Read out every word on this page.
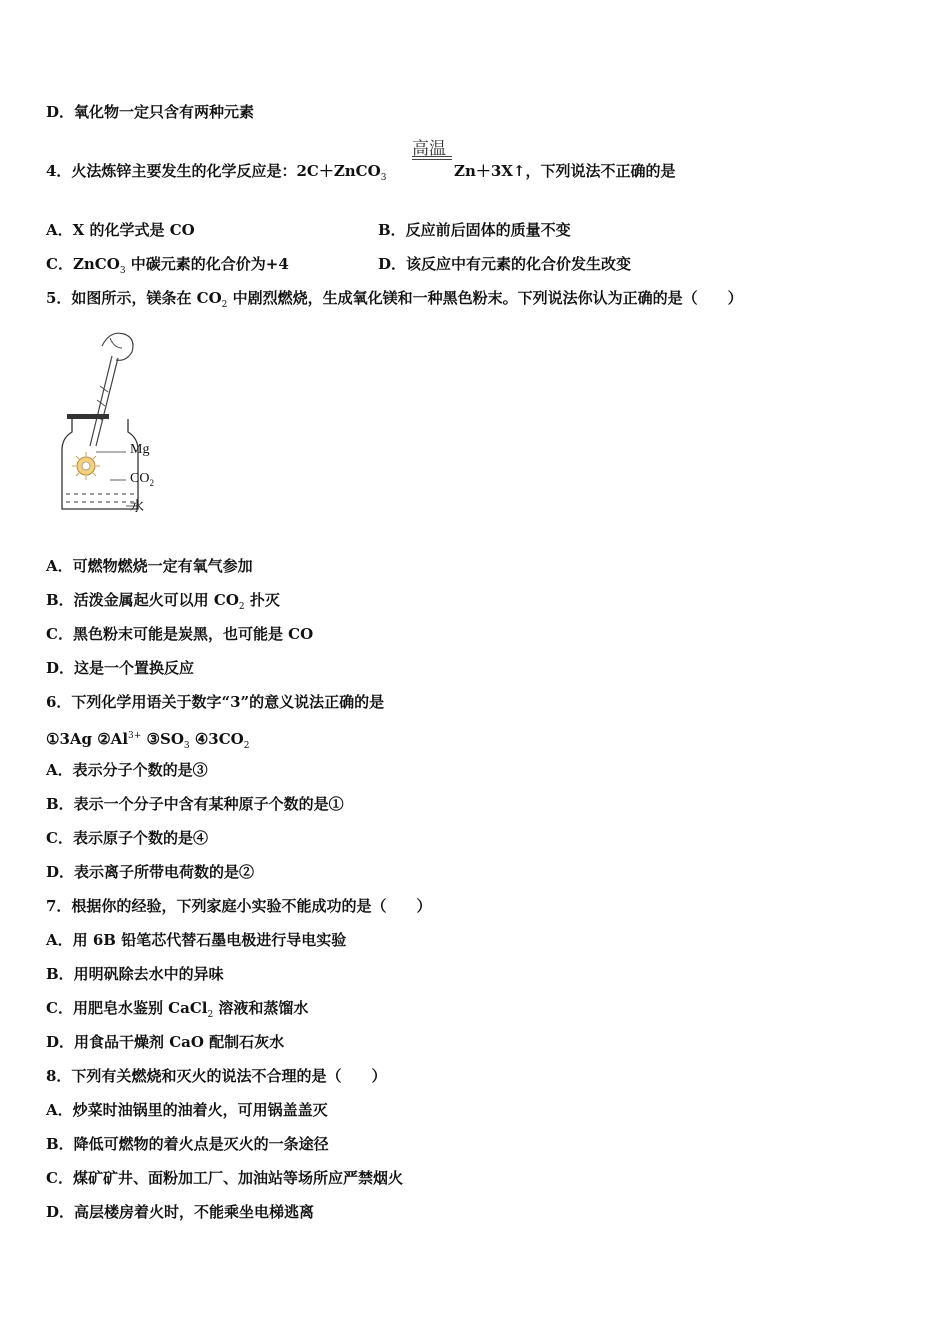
D．氧化物一定只含有两种元素
4．火法炼锌主要发生的化学反应是：2C＋ZnCO$_3$
高温
Zn＋3X↑，下列说法不正确的是
A．X 的化学式是 CO	B．反应前后固体的质量不变
C．ZnCO$_3$ 中碳元素的化合价为+4	D．该反应中有元素的化合价发生改变
5．如图所示，镁条在 $CO_2$ 中剧烈燃烧，生成氧化镁和一种黑色粉末。下列说法你认为正确的是（　　）
Mg
$CO_2$
水
A．可燃物燃烧一定有氧气参加
B．活泼金属起火可以用 $CO_2$ 扑灭
C．黑色粉末可能是炭黑，也可能是 CO
D．这是一个置换反应
6．下列化学用语关于数字“3”的意义说法正确的是
①3Ag $②Al^{3+}$ $③SO_3$ $④3CO_2$
A．表示分子个数的是③
B．表示一个分子中含有某种原子个数的是①
C．表示原子个数的是④
D．表示离子所带电荷数的是②
7．根据你的经验，下列家庭小实验不能成功的是（　　）
A．用 6B 铅笔芯代替石墨电极进行导电实验
B．用明矾除去水中的异味
C．用肥皂水鉴别 CaCl$_2$ 溶液和蒸馏水
D．用食品干燥剂 CaO 配制石灰水
8．下列有关燃烧和灭火的说法不合理的是（　　）
A．炒菜时油锅里的油着火，可用锅盖盖灭
B．降低可燃物的着火点是灭火的一条途径
C．煤矿矿井、面粉加工厂、加油站等场所应严禁烟火
D．高层楼房着火时，不能乘坐电梯逃离
